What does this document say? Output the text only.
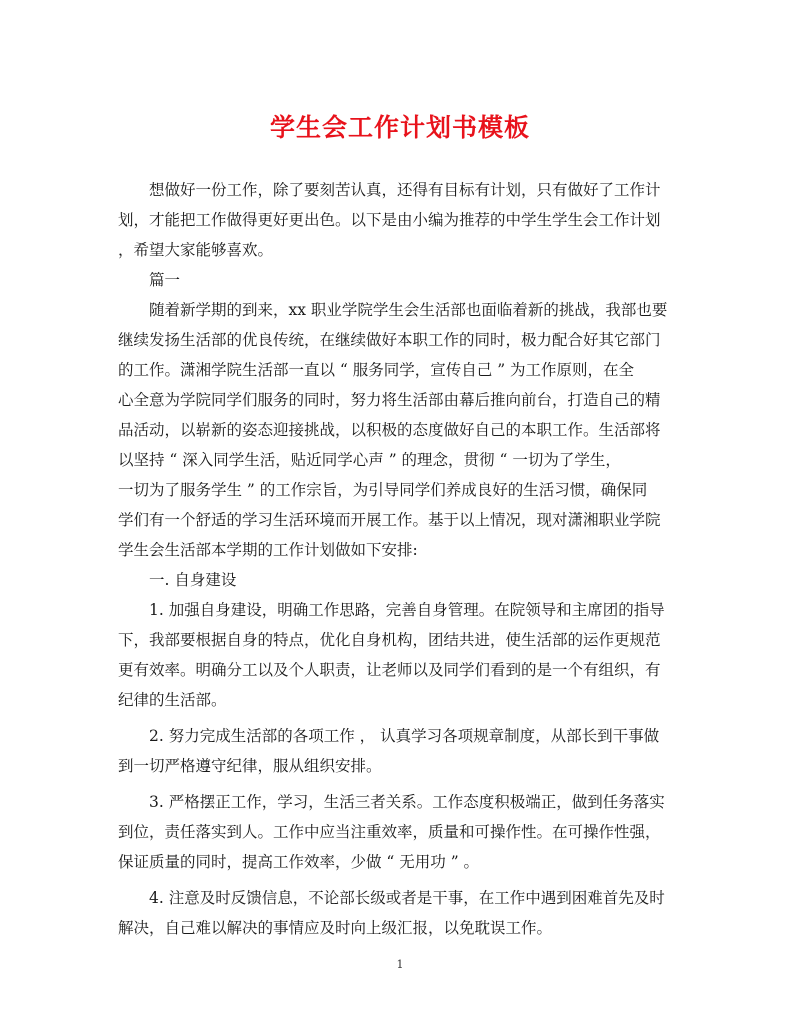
学生会工作计划书模板
　　想做好一份工作，除了要刻苦认真，还得有目标有计划，只有做好了工作计
划，才能把工作做得更好更出色。以下是由小编为推荐的中学生学生会工作计划
，希望大家能够喜欢。
　　篇一
　　随着新学期的到来，xx 职业学院学生会生活部也面临着新的挑战，我部也要
继续发扬生活部的优良传统，在继续做好本职工作的同时，极力配合好其它部门
的工作。潇湘学院生活部一直以 “ 服务同学，宣传自己 ” 为工作原则，在全
心全意为学院同学们服务的同时，努力将生活部由幕后推向前台，打造自己的精
品活动，以崭新的姿态迎接挑战，以积极的态度做好自己的本职工作。生活部将
以坚持 “ 深入同学生活，贴近同学心声 ” 的理念，贯彻 “ 一切为了学生，
一切为了服务学生 ” 的工作宗旨，为引导同学们养成良好的生活习惯，确保同
学们有一个舒适的学习生活环境而开展工作。基于以上情况，现对潇湘职业学院
学生会生活部本学期的工作计划做如下安排:
　　一. 自身建设
　　1. 加强自身建设，明确工作思路，完善自身管理。在院领导和主席团的指导
下，我部要根据自身的特点，优化自身机构，团结共进，使生活部的运作更规范
更有效率。明确分工以及个人职责，让老师以及同学们看到的是一个有组织，有
纪律的生活部。
　　2. 努力完成生活部的各项工作 ， 认真学习各项规章制度，从部长到干事做
到一切严格遵守纪律，服从组织安排。
　　3. 严格摆正工作，学习，生活三者关系。工作态度积极端正，做到任务落实
到位，责任落实到人。工作中应当注重效率，质量和可操作性。在可操作性强，
保证质量的同时，提高工作效率，少做 “ 无用功 ” 。
　　4. 注意及时反馈信息，不论部长级或者是干事，在工作中遇到困难首先及时
解决，自己难以解决的事情应及时向上级汇报，以免耽误工作。
1
